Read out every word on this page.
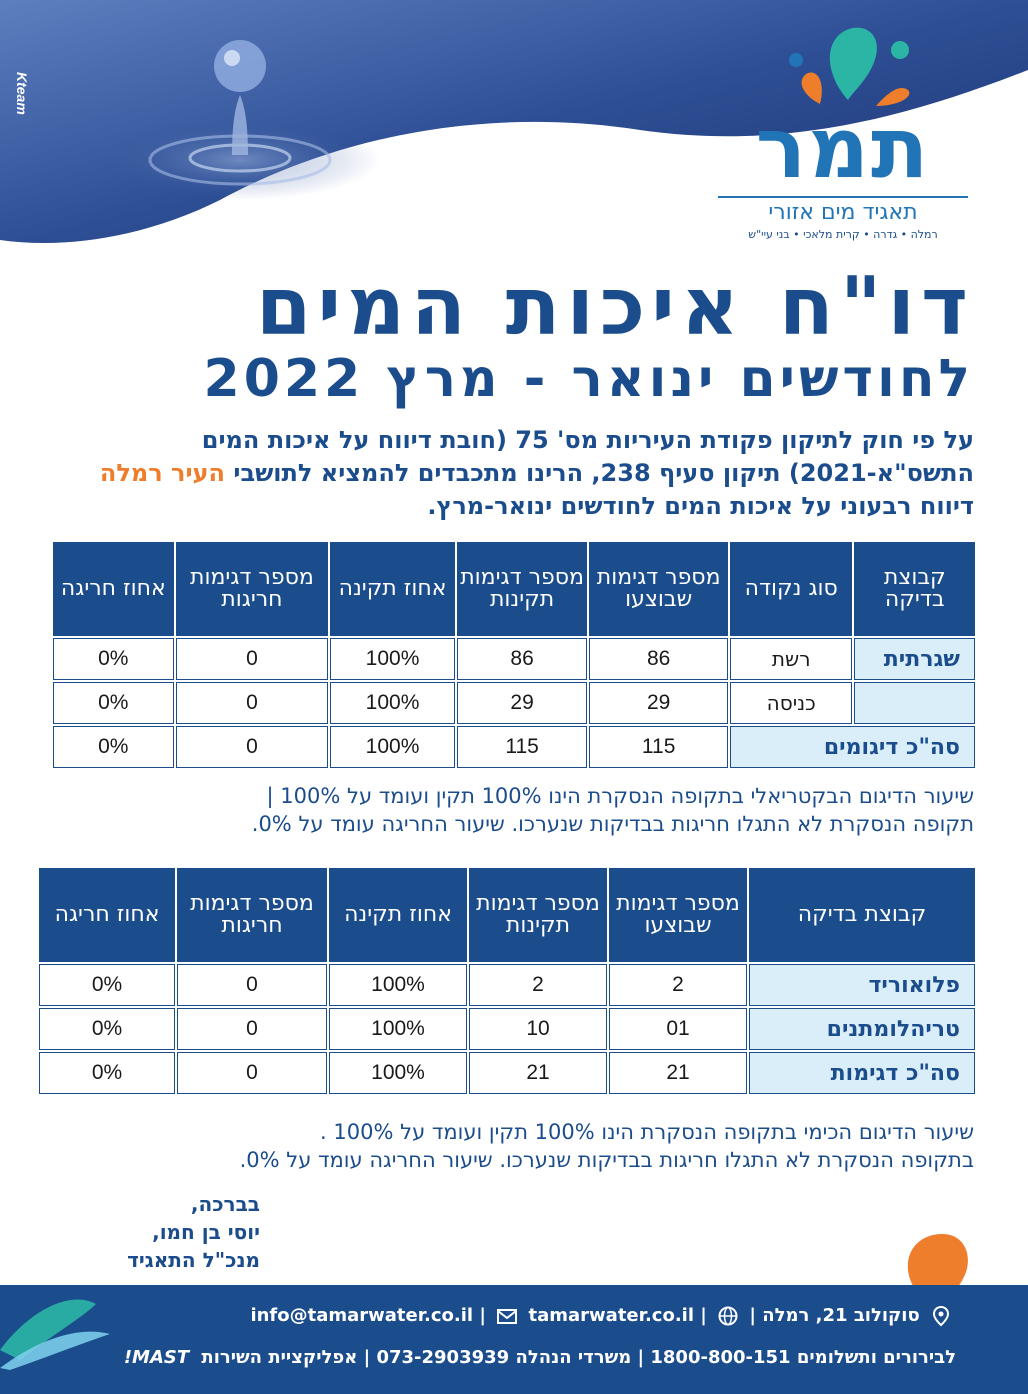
Kteam
תמר
תאגיד מים אזורי
רמלה • גדרה • קרית מלאכי • בני עיי"ש
דו"ח איכות המים
לחודשים ינואר - מרץ 2022

על פי חוק לתיקון פקודת העיריות מס' 75 (חובת דיווח על איכות המים התשס"א-2021) תיקון סעיף 238, הרינו מתכבדים להמציא לתושבי העיר רמלה דיווח רבעוני על איכות המים לחודשים ינואר-מרץ.

קבוצת בדיקה	סוג נקודה	מספר דגימות שבוצעו	מספר דגימות תקינות	אחוז תקינה	מספר דגימות חריגות	אחוז חריגה
שגרתית	רשת	86	86	100%	0	0%
	כניסה	29	29	100%	0	0%
סה"כ דיגומים		115	115	100%	0	0%
שיעור הדיגום הבקטריאלי בתקופה הנסקרת הינו 100% תקין ועומד על 100% |
תקופה הנסקרת לא התגלו חריגות בבדיקות שנערכו. שיעור החריגה עומד על 0%.
קבוצת בדיקה	מספר דגימות שבוצעו	מספר דגימות תקינות	אחוז תקינה	מספר דגימות חריגות	אחוז חריגה
פלואוריד	2	2	100%	0	0%
טריהלומתנים	01	10	100%	0	0%
סה"כ דגימות	21	21	100%	0	0%
שיעור הדיגום הכימי בתקופה הנסקרת הינו 100% תקין ועומד על 100% .
בתקופה הנסקרת לא התגלו חריגות בבדיקות שנערכו. שיעור החריגה עומד על 0%.
בברכה,
יוסי בן חמו,
מנכ"ל התאגיד
סוקולוב 21, רמלה |  | info@tamarwater.co.il |  tamarwater.co.il
לבירורים ותשלומים 1800-800-151 | משרדי הנהלה 073-2903939 | אפליקציית השירות MAST!
